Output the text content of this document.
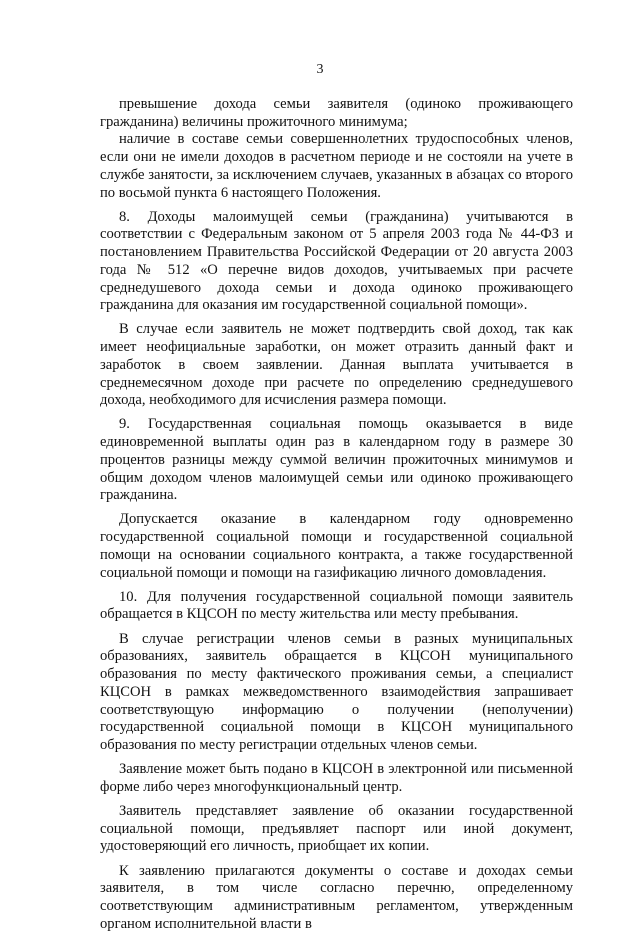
3

превышение дохода семьи заявителя (одиноко проживающего гражданина) величины прожиточного минимума;

наличие в составе семьи совершеннолетних трудоспособных членов, если они не имели доходов в расчетном периоде и не состояли на учете в службе занятости, за исключением случаев, указанных в абзацах со второго по восьмой пункта 6 настоящего Положения.

8. Доходы малоимущей семьи (гражданина) учитываются в соответствии с Федеральным законом от 5 апреля 2003 года № 44-ФЗ и постановлением Правительства Российской Федерации от 20 августа 2003 года № 512 «О перечне видов доходов, учитываемых при расчете среднедушевого дохода семьи и дохода одиноко проживающего гражданина для оказания им государственной социальной помощи».

В случае если заявитель не может подтвердить свой доход, так как имеет неофициальные заработки, он может отразить данный факт и заработок в своем заявлении. Данная выплата учитывается в среднемесячном доходе при расчете по определению среднедушевого дохода, необходимого для исчисления размера помощи.

9. Государственная социальная помощь оказывается в виде единовременной выплаты один раз в календарном году в размере 30 процентов разницы между суммой величин прожиточных минимумов и общим доходом членов малоимущей семьи или одиноко проживающего гражданина.

Допускается оказание в календарном году одновременно государственной социальной помощи и государственной социальной помощи на основании социального контракта, а также государственной социальной помощи и помощи на газификацию личного домовладения.

10. Для получения государственной социальной помощи заявитель обращается в КЦСОН по месту жительства или месту пребывания.

В случае регистрации членов семьи в разных муниципальных образованиях, заявитель обращается в КЦСОН муниципального образования по месту фактического проживания семьи, а специалист КЦСОН в рамках межведомственного взаимодействия запрашивает соответствующую информацию о получении (неполучении) государственной социальной помощи в КЦСОН муниципального образования по месту регистрации отдельных членов семьи.

Заявление может быть подано в КЦСОН в электронной или письменной форме либо через многофункциональный центр.

Заявитель представляет заявление об оказании государственной социальной помощи, предъявляет паспорт или иной документ, удостоверяющий его личность, приобщает их копии.

К заявлению прилагаются документы о составе и доходах семьи заявителя, в том числе согласно перечню, определенному соответствующим административным регламентом, утвержденным органом исполнительной власти в
